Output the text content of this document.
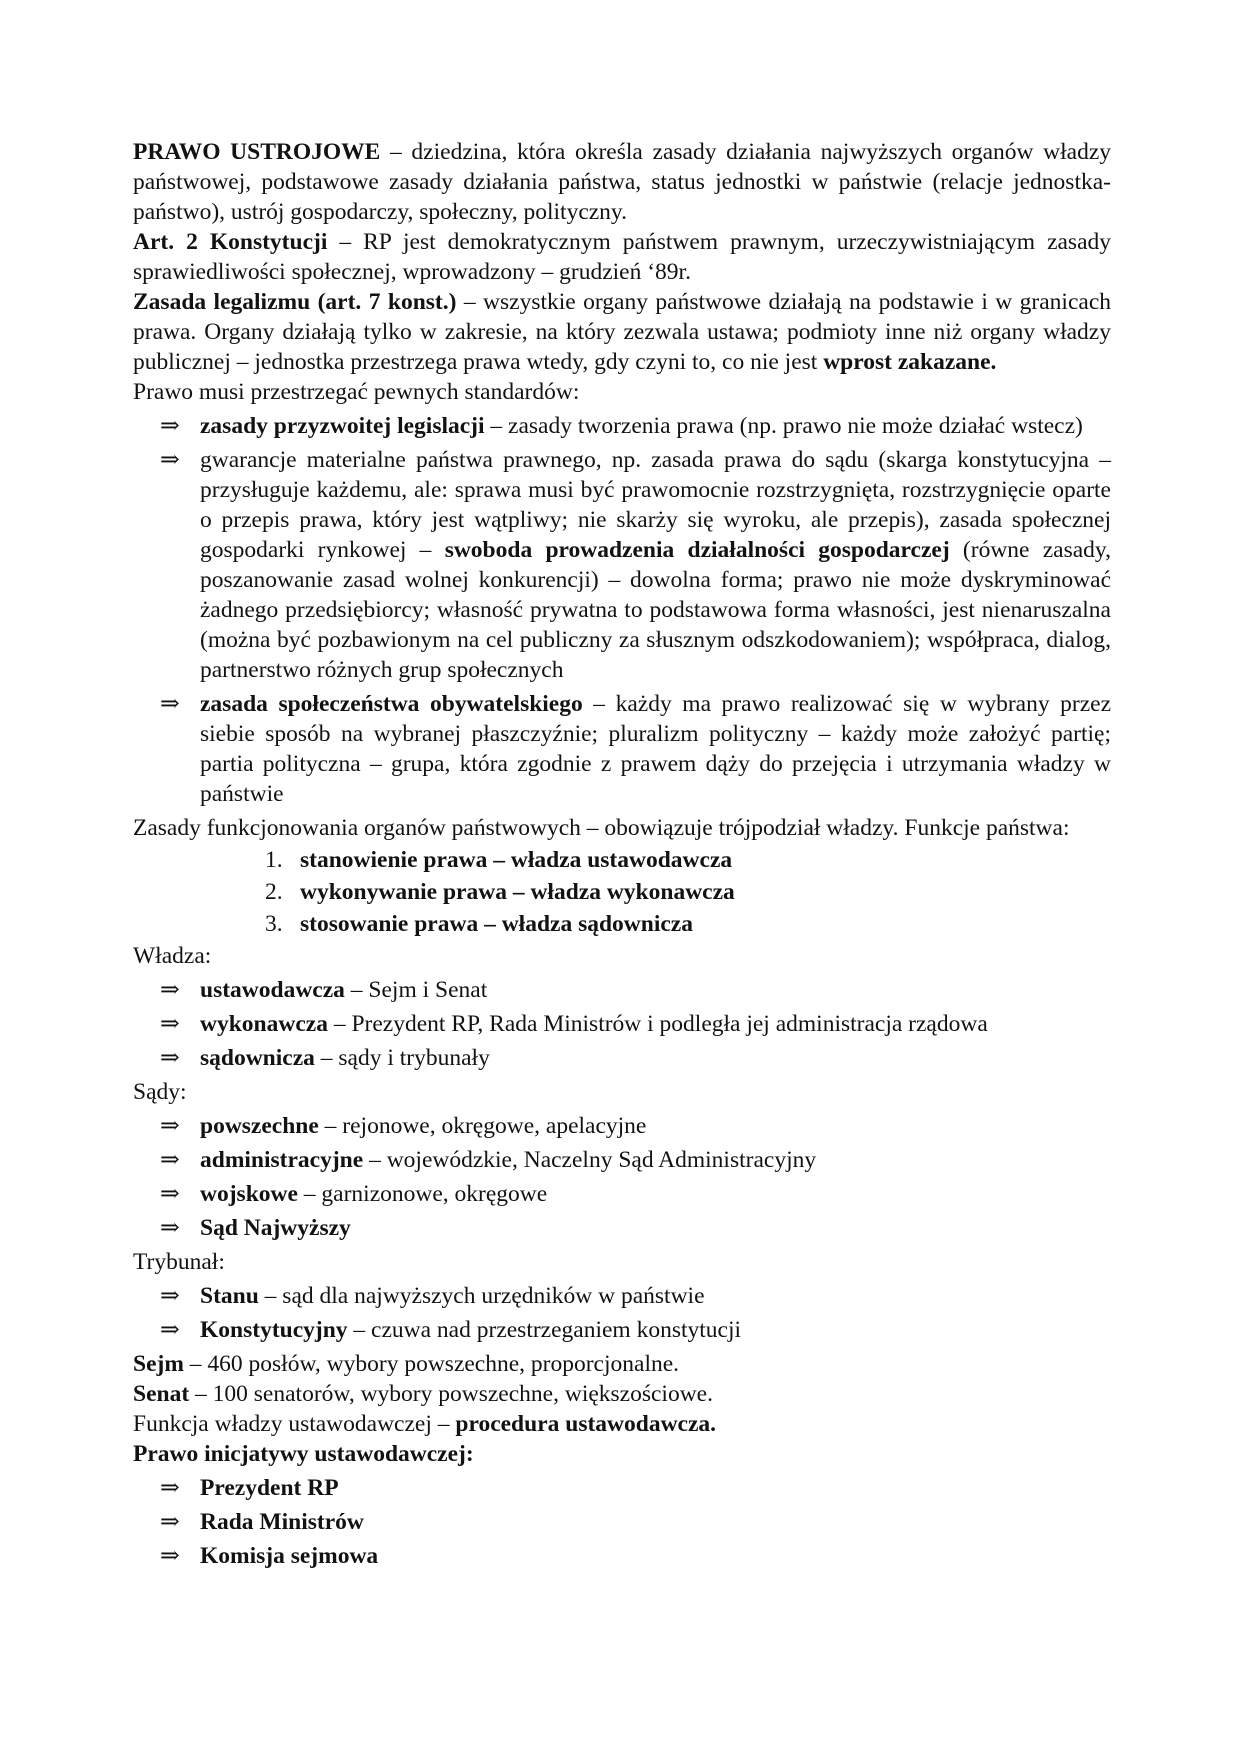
PRAWO USTROJOWE – dziedzina, która określa zasady działania najwyższych organów władzy państwowej, podstawowe zasady działania państwa, status jednostki w państwie (relacje jednostka-państwo), ustrój gospodarczy, społeczny, polityczny.
Art. 2 Konstytucji – RP jest demokratycznym państwem prawnym, urzeczywistniającym zasady sprawiedliwości społecznej, wprowadzony – grudzień ‘89r.
Zasada legalizmu (art. 7 konst.) – wszystkie organy państwowe działają na podstawie i w granicach prawa. Organy działają tylko w zakresie, na który zezwala ustawa; podmioty inne niż organy władzy publicznej – jednostka przestrzega prawa wtedy, gdy czyni to, co nie jest wprost zakazane.
Prawo musi przestrzegać pewnych standardów:
⇒ zasady przyzwoitej legislacji – zasady tworzenia prawa (np. prawo nie może działać wstecz)
⇒ gwarancje materialne państwa prawnego, np. zasada prawa do sądu (skarga konstytucyjna – przysługuje każdemu, ale: sprawa musi być prawomocnie rozstrzygnięta, rozstrzygnięcie oparte o przepis prawa, który jest wątpliwy; nie skarży się wyroku, ale przepis), zasada społecznej gospodarki rynkowej – swoboda prowadzenia działalności gospodarczej (równe zasady, poszanowanie zasad wolnej konkurencji) – dowolna forma; prawo nie może dyskryminować żadnego przedsiębiorcy; własność prywatna to podstawowa forma własności, jest nienaruszalna (można być pozbawionym na cel publiczny za słusznym odszkodowaniem); współpraca, dialog, partnerstwo różnych grup społecznych
⇒ zasada społeczeństwa obywatelskiego – każdy ma prawo realizować się w wybrany przez siebie sposób na wybranej płaszczyźnie; pluralizm polityczny – każdy może założyć partię; partia polityczna – grupa, która zgodnie z prawem dąży do przejęcia i utrzymania władzy w państwie
Zasady funkcjonowania organów państwowych – obowiązuje trójpodział władzy. Funkcje państwa:
1. stanowienie prawa – władza ustawodawcza
2. wykonywanie prawa – władza wykonawcza
3. stosowanie prawa – władza sądownicza
Władza:
⇒ ustawodawcza – Sejm i Senat
⇒ wykonawcza – Prezydent RP, Rada Ministrów i podległa jej administracja rządowa
⇒ sądownicza – sądy i trybunały
Sądy:
⇒ powszechne – rejonowe, okręgowe, apelacyjne
⇒ administracyjne – wojewódzkie, Naczelny Sąd Administracyjny
⇒ wojskowe – garnizonowe, okręgowe
⇒ Sąd Najwyższy
Trybunał:
⇒ Stanu – sąd dla najwyższych urzędników w państwie
⇒ Konstytucyjny – czuwa nad przestrzeganiem konstytucji
Sejm – 460 posłów, wybory powszechne, proporcjonalne.
Senat – 100 senatorów, wybory powszechne, większościowe.
Funkcja władzy ustawodawczej – procedura ustawodawcza.
Prawo inicjatywy ustawodawczej:
⇒ Prezydent RP
⇒ Rada Ministrów
⇒ Komisja sejmowa
